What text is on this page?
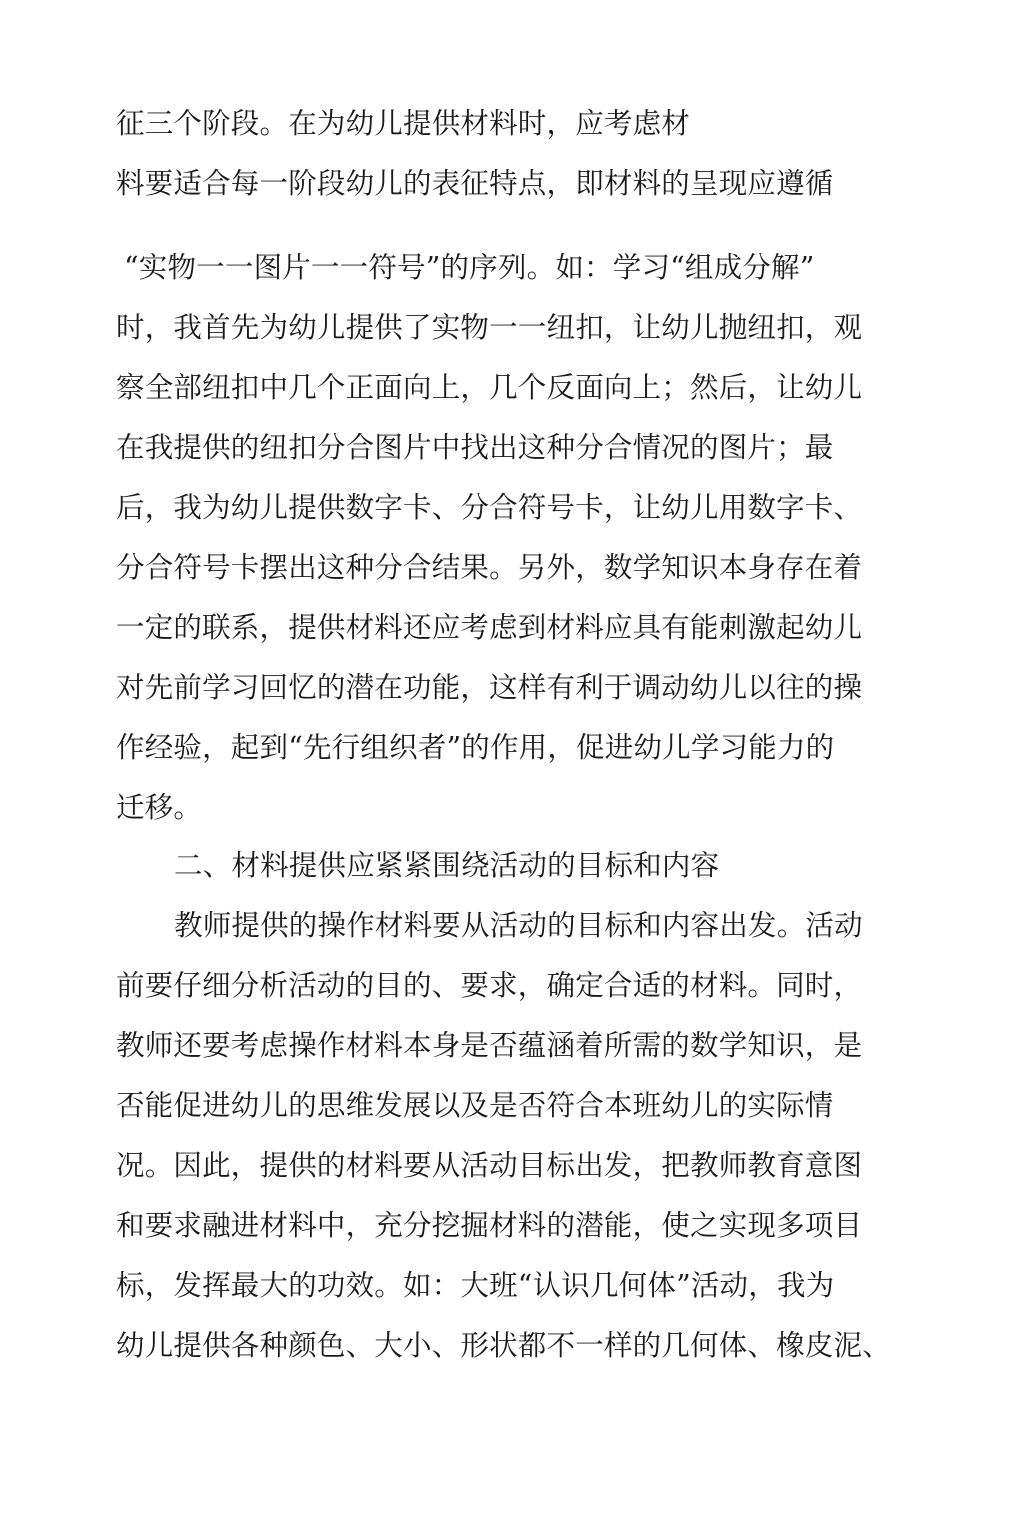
征三个阶段。在为幼儿提供材料时，应考虑材

料要适合每一阶段幼儿的表征特点，即材料的呈现应遵循

“实物一一图片一一符号”的序列。如：学习“组成分解”

时，我首先为幼儿提供了实物一一纽扣，让幼儿抛纽扣，观

察全部纽扣中几个正面向上，几个反面向上；然后，让幼儿

在我提供的纽扣分合图片中找出这种分合情况的图片；最

后，我为幼儿提供数字卡、分合符号卡，让幼儿用数字卡、

分合符号卡摆出这种分合结果。另外，数学知识本身存在着

一定的联系，提供材料还应考虑到材料应具有能刺激起幼儿

对先前学习回忆的潜在功能，这样有利于调动幼儿以往的操

作经验，起到“先行组织者”的作用，促进幼儿学习能力的

迁移。

二、材料提供应紧紧围绕活动的目标和内容

教师提供的操作材料要从活动的目标和内容出发。活动

前要仔细分析活动的目的、要求，确定合适的材料。同时，

教师还要考虑操作材料本身是否蕴涵着所需的数学知识，是

否能促进幼儿的思维发展以及是否符合本班幼儿的实际情

况。因此，提供的材料要从活动目标出发，把教师教育意图

和要求融进材料中，充分挖掘材料的潜能，使之实现多项目

标，发挥最大的功效。如：大班“认识几何体”活动，我为

幼儿提供各种颜色、大小、形状都不一样的几何体、橡皮泥、
